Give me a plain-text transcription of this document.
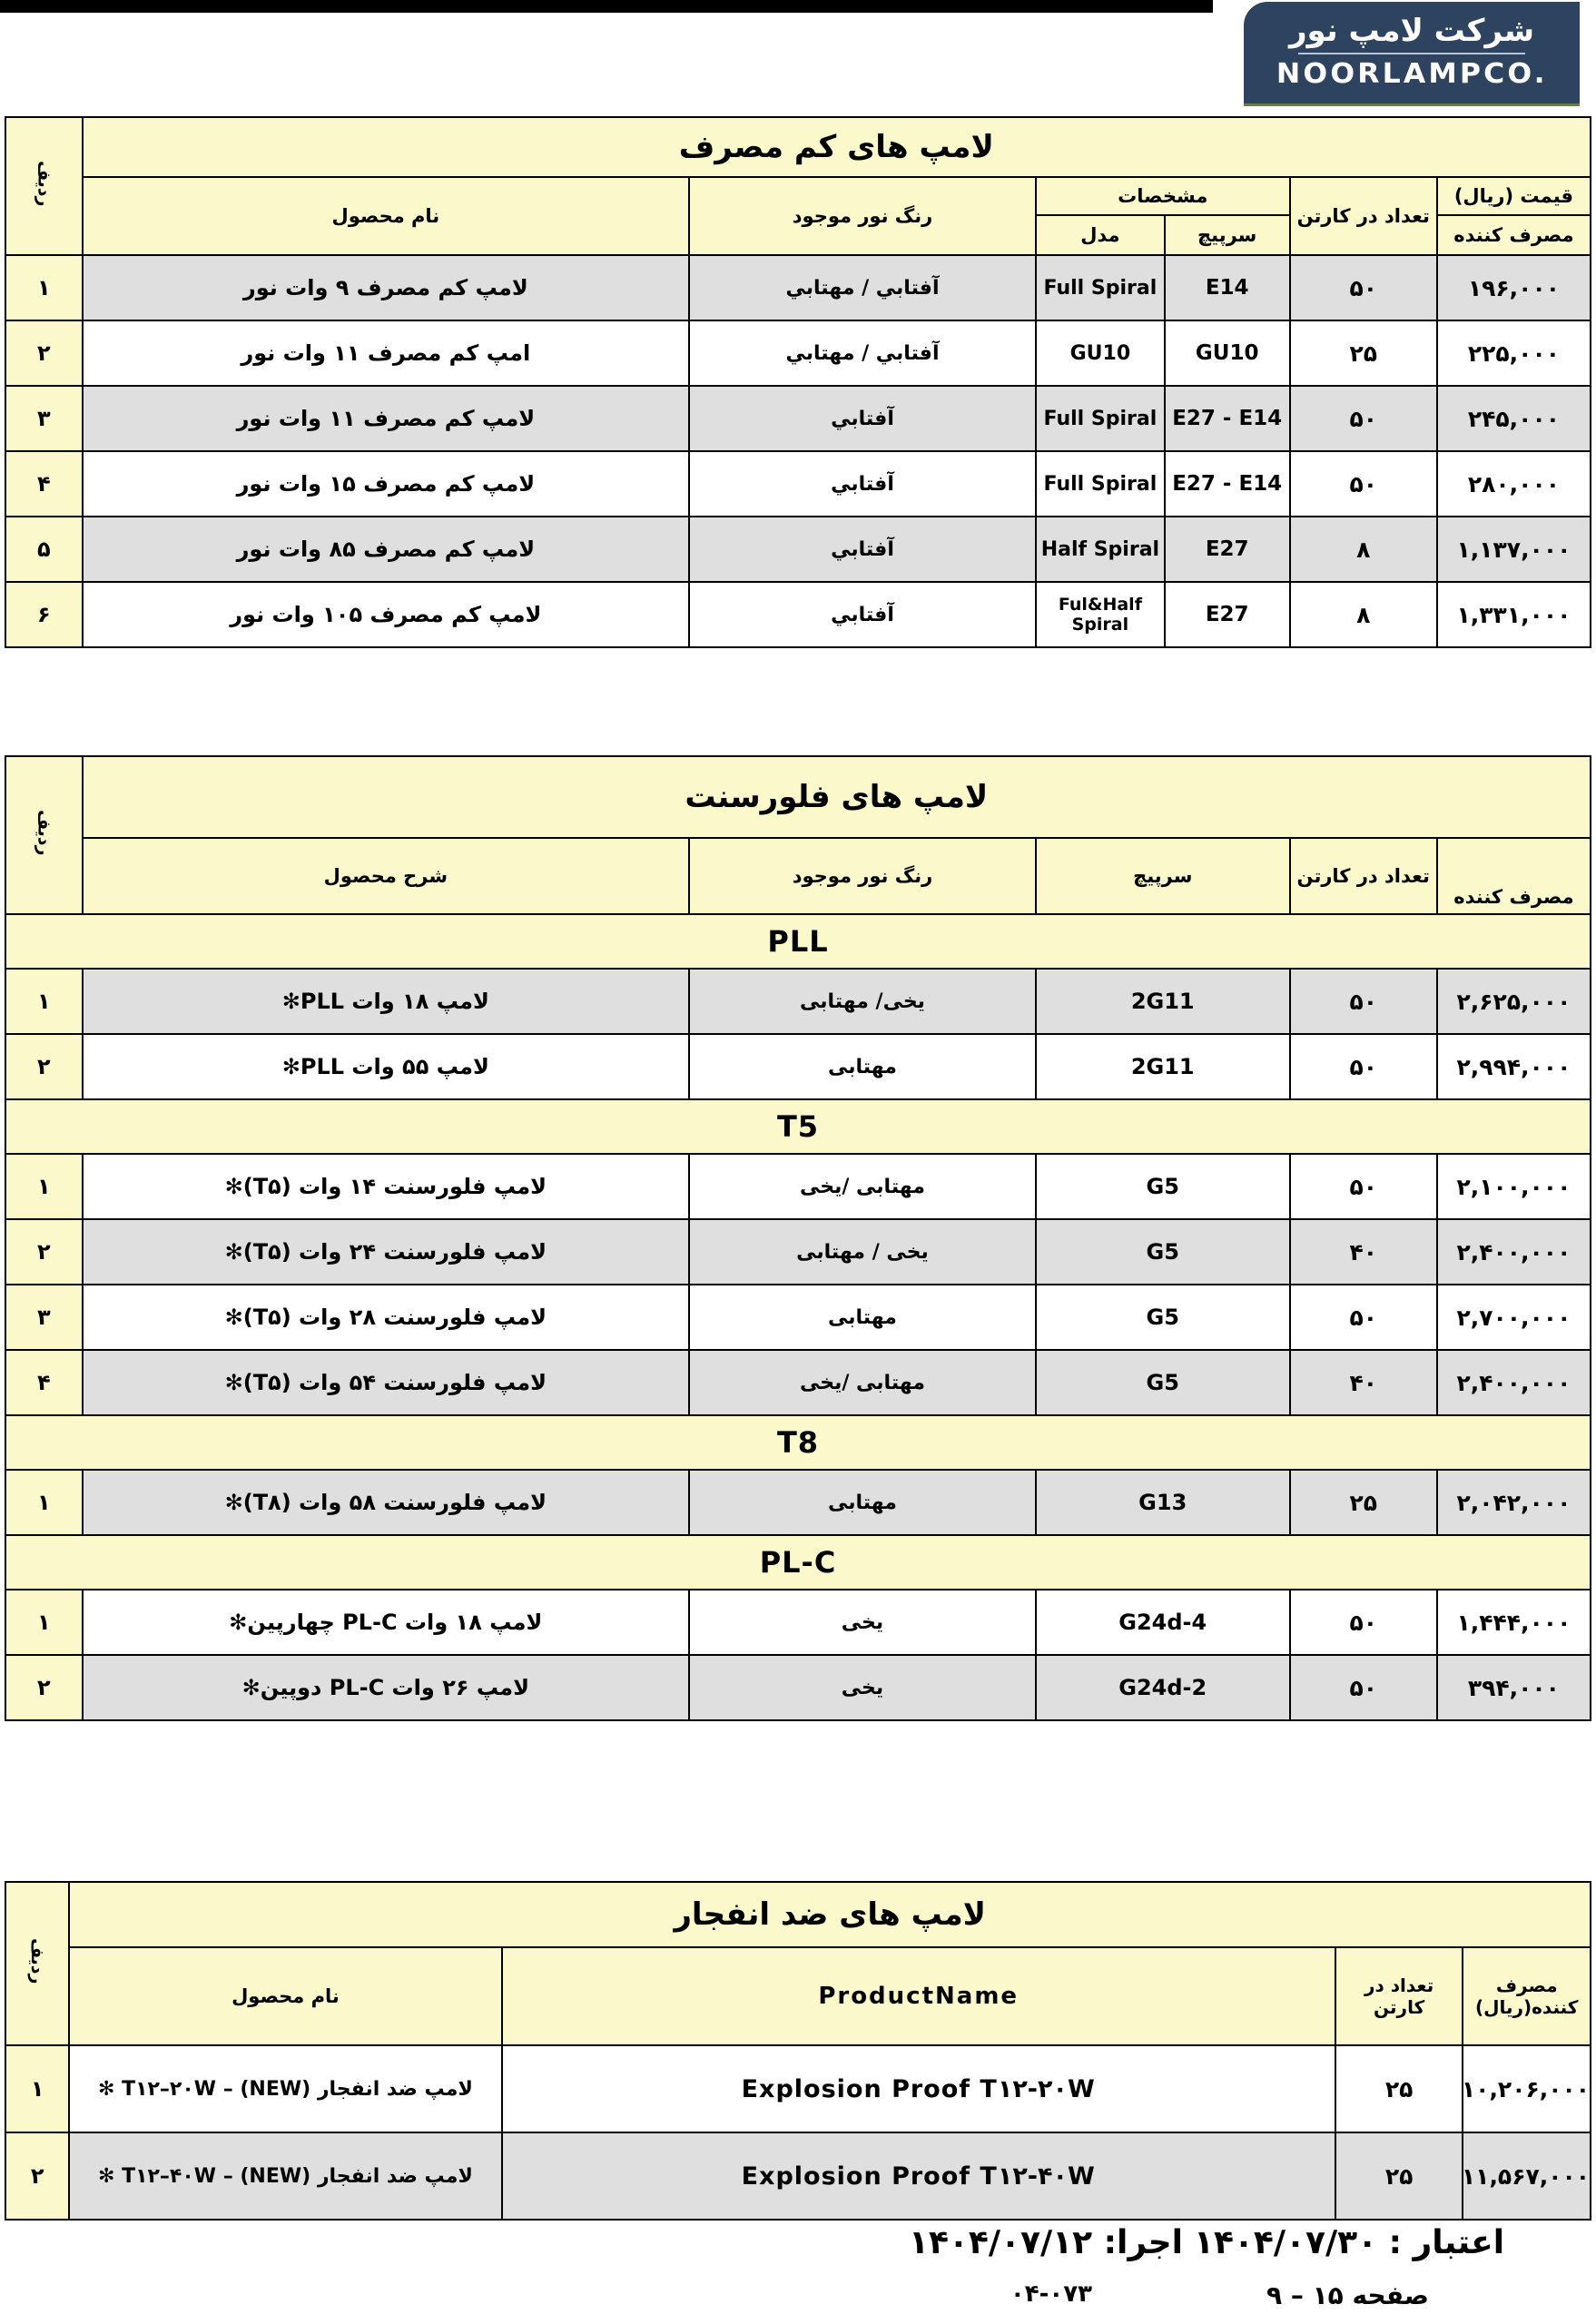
شرکت لامپ نور
NOORLAMPCO.
لامپ های کم مصرف						ردیف
قیمت (ریال)	تعداد در کارتن	مشخصات		رنگ نور موجود	نام محصول	
مصرف کننده		سرپیچ	مدل			
۱۹۶,۰۰۰	۵۰	E14	Full Spiral	آفتابي / مهتابي	لامپ کم مصرف ۹ وات نور	۱
۲۲۵,۰۰۰	۲۵	GU10	GU10	آفتابي / مهتابي	امپ کم مصرف ۱۱ وات نور	۲
۲۴۵,۰۰۰	۵۰	E27 - E14	Full Spiral	آفتابي	لامپ کم مصرف ۱۱ وات نور	۳
۲۸۰,۰۰۰	۵۰	E27 - E14	Full Spiral	آفتابي	لامپ کم مصرف ۱۵ وات نور	۴
۱,۱۳۷,۰۰۰	۸	E27	Half Spiral	آفتابي	لامپ کم مصرف ۸۵ وات نور	۵
۱,۳۳۱,۰۰۰	۸	E27	Ful&Half Spiral	آفتابي	لامپ کم مصرف ۱۰۵ وات نور	۶
لامپ های فلورسنت					ردیف
مصرف کننده	تعداد در کارتن	سرپیچ	رنگ نور موجود	شرح محصول	
PLL					
۲,۶۲۵,۰۰۰	۵۰	2G11	یخی/ مهتابی	لامپ ۱۸ وات PLL✻	۱
۲,۹۹۴,۰۰۰	۵۰	2G11	مهتابی	لامپ ۵۵ وات PLL✻	۲
T5					
۲,۱۰۰,۰۰۰	۵۰	G5	مهتابی /یخی	لامپ فلورسنت ۱۴ وات (T۵)✻	۱
۲,۴۰۰,۰۰۰	۴۰	G5	یخی / مهتابی	لامپ فلورسنت ۲۴ وات (T۵)✻	۲
۲,۷۰۰,۰۰۰	۵۰	G5	مهتابی	لامپ فلورسنت ۲۸ وات (T۵)✻	۳
۲,۴۰۰,۰۰۰	۴۰	G5	مهتابی /یخی	لامپ فلورسنت ۵۴ وات (T۵)✻	۴
T8					
۲,۰۴۲,۰۰۰	۲۵	G13	مهتابی	لامپ فلورسنت ۵۸ وات (T۸)✻	۱
PL-C					
۱,۴۴۴,۰۰۰	۵۰	G24d-4	یخی	لامپ ۱۸ وات PL‐C چهارپین✻	۱
۳۹۴,۰۰۰	۵۰	G24d-2	یخی	لامپ ۲۶ وات PL‐C دوپین✻	۲
لامپ های ضد انفجار				ردیف
مصرف کننده(ریال)	تعداد در کارتن	ProductName	نام محصول	
۱۰,۲۰۶,۰۰۰	۲۵	Explosion Proof T۱۲-۲۰W	لامپ ضد انفجار (NEW) – T۱۲–۲۰W ✻	۱
۱۱,۵۶۷,۰۰۰	۲۵	Explosion Proof T۱۲-۴۰W	لامپ ضد انفجار (NEW) – T۱۲–۴۰W ✻	۲
اجرا: ۱۴۰۴/۰۷/۱۲
۰۴-۰۷۳
اعتبار : ۱۴۰۴/۰۷/۳۰
صفحه ۱۵ – ۹
